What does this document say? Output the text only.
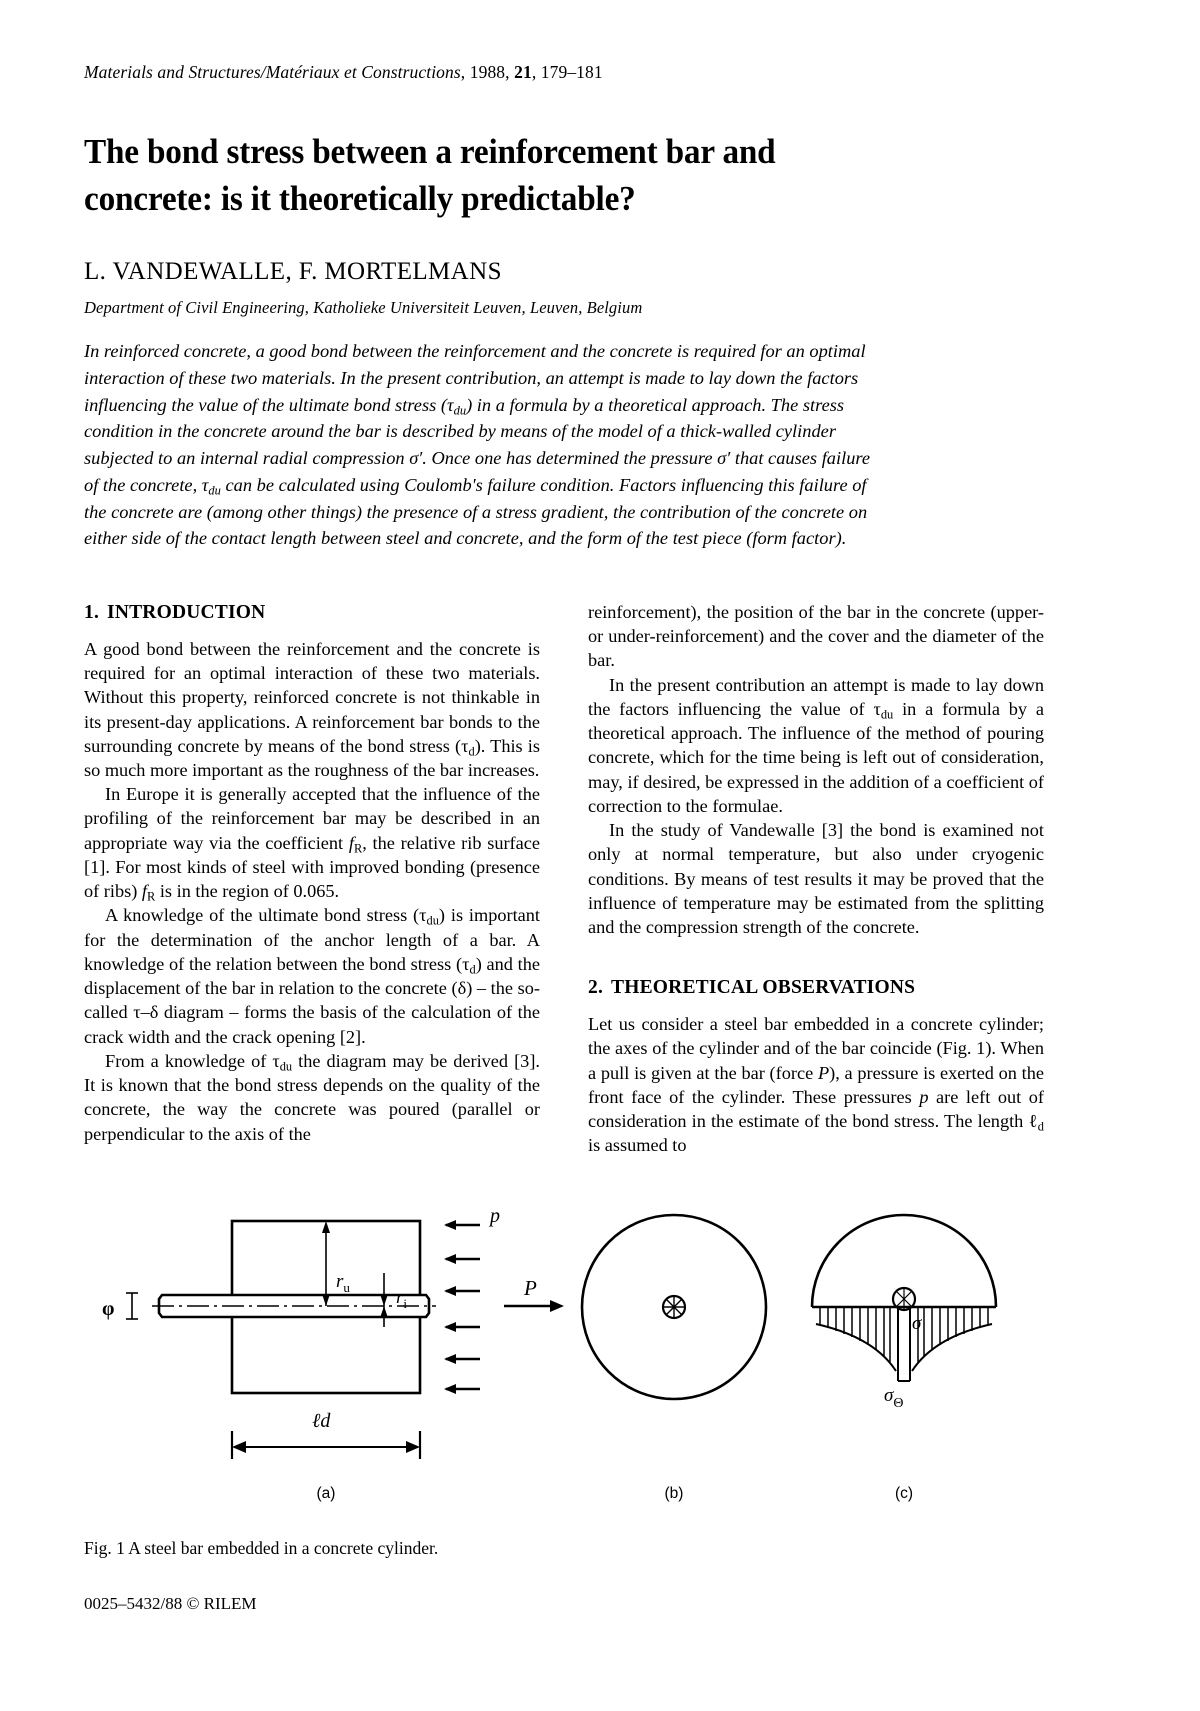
Materials and Structures/Matériaux et Constructions, 1988, 21, 179–181
The bond stress between a reinforcement bar and concrete: is it theoretically predictable?
L. VANDEWALLE, F. MORTELMANS
Department of Civil Engineering, Katholieke Universiteit Leuven, Leuven, Belgium

In reinforced concrete, a good bond between the reinforcement and the concrete is required for an optimal interaction of these two materials. In the present contribution, an attempt is made to lay down the factors influencing the value of the ultimate bond stress $(\tau_{du})$ in a formula by a theoretical approach. The stress condition in the concrete around the bar is described by means of the model of a thick-walled cylinder subjected to an internal radial compression σ′. Once one has determined the pressure σ′ that causes failure of the concrete, $\tau_{du}$ can be calculated using Coulomb's failure condition. Factors influencing this failure of the concrete are (among other things) the presence of a stress gradient, the contribution of the concrete on either side of the contact length between steel and concrete, and the form of the test piece (form factor).

1. INTRODUCTION

A good bond between the reinforcement and the concrete is required for an optimal interaction of these two materials. Without this property, reinforced concrete is not thinkable in its present-day applications. A reinforcement bar bonds to the surrounding concrete by means of the bond stress $(\tau_d)$. This is so much more important as the roughness of the bar increases.

In Europe it is generally accepted that the influence of the profiling of the reinforcement bar may be described in an appropriate way via the coefficient $f_R$, the relative rib surface [1]. For most kinds of steel with improved bonding (presence of ribs) $f_R$ is in the region of 0.065.

A knowledge of the ultimate bond stress $(\tau_{du})$ is important for the determination of the anchor length of a bar. A knowledge of the relation between the bond stress $(\tau_d)$ and the displacement of the bar in relation to the concrete (δ) – the so-called τ–δ diagram – forms the basis of the calculation of the crack width and the crack opening [2].

From a knowledge of $\tau_{du}$ the diagram may be derived [3]. It is known that the bond stress depends on the quality of the concrete, the way the concrete was poured (parallel or perpendicular to the axis of the

reinforcement), the position of the bar in the concrete (upper- or under-reinforcement) and the cover and the diameter of the bar.

In the present contribution an attempt is made to lay down the factors influencing the value of $\tau_{du}$ in a formula by a theoretical approach. The influence of the method of pouring concrete, which for the time being is left out of consideration, may, if desired, be expressed in the addition of a coefficient of correction to the formulae.

In the study of Vandewalle [3] the bond is examined not only at normal temperature, but also under cryogenic conditions. By means of test results it may be proved that the influence of temperature may be estimated from the splitting and the compression strength of the concrete.

2. THEORETICAL OBSERVATIONS

Let us consider a steel bar embedded in a concrete cylinder; the axes of the cylinder and of the bar coincide (Fig. 1). When a pull is given at the bar (force P), a pressure is exerted on the front face of the cylinder. These pressures p are left out of consideration in the estimate of the bond stress. The length ℓ$_d$ is assumed to

$r_u$ $r_i$
φ
p
P
ℓd
σ
$\sigma_\Theta$
(a)	(b)	(c)
Fig. 1 A steel bar embedded in a concrete cylinder.
0025–5432/88 © RILEM
